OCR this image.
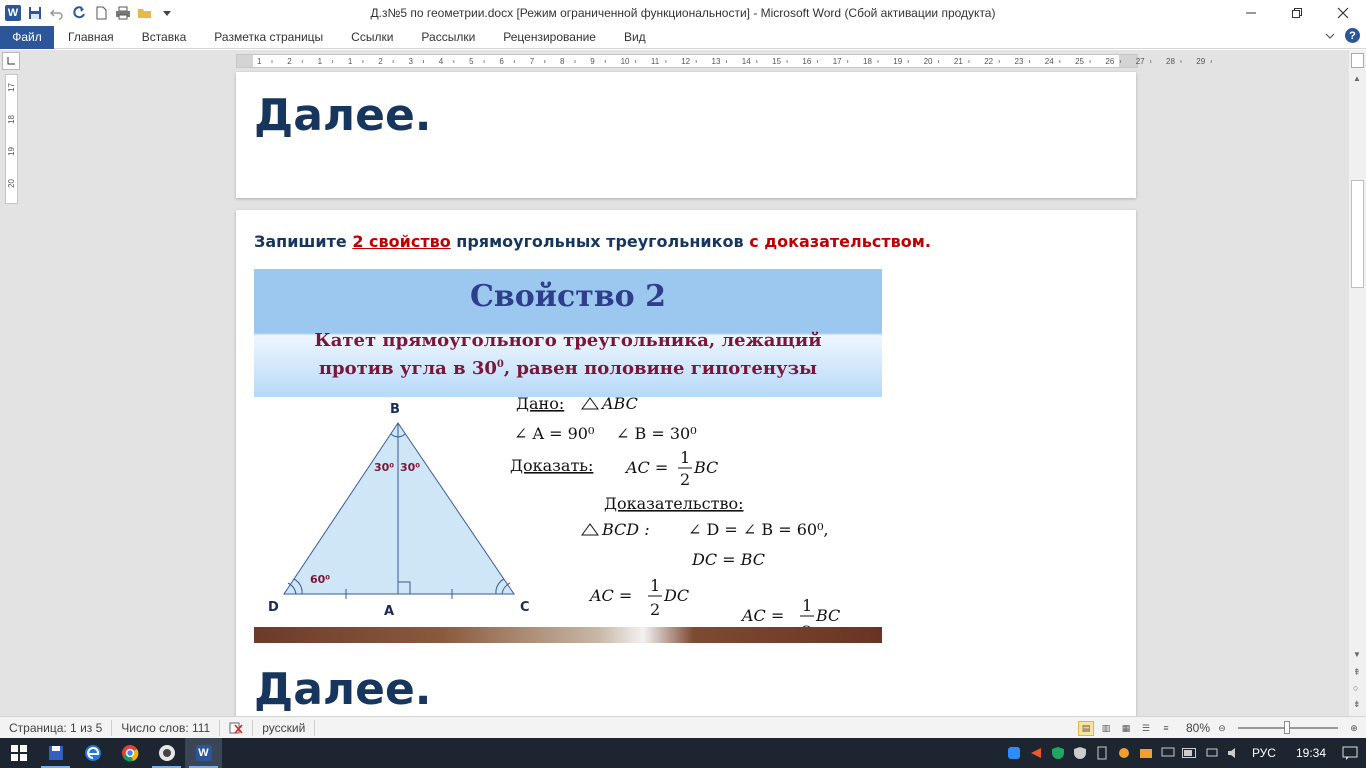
W	Д.з№5 по геометрии.docx [Режим ограниченной функциональности] - Microsoft Word (Сбой активации продукта)
Файл	Главная	Вставка	Разметка страницы	Ссылки	Рассылки	Рецензирование	Вид	?
1	2	1	1	2	3	4	5	6	7	8	9	10	11	12	13	14	15	16	17	18	19	20	21	22	23	24	25	26	27	28	29
17
18
19
20
Далее.
Запишите 2 свойство прямоугольных треугольников с доказательством.
Свойство 2
Катет прямоугольного треугольника, лежащий
против угла в $30^0$, равен половине гипотенузы
B
D	A	C
30⁰ 30⁰
60⁰
Дано: ABC
∠ A = 90⁰ ∠ B = 30⁰
Доказать: AC =
1
2
BC
Доказательство:
BCD : ∠ D = ∠ B = 60⁰,
DC = BC
AC =
1
2
DC
AC =
1
BC
Далее.
▲
▼
⇞
○
⇟
Страница: 1 из 5	Число слов: 111	русский	▤	▥	▦	☰	≡	80% ⊖	⊕
W	РУС	19:34
